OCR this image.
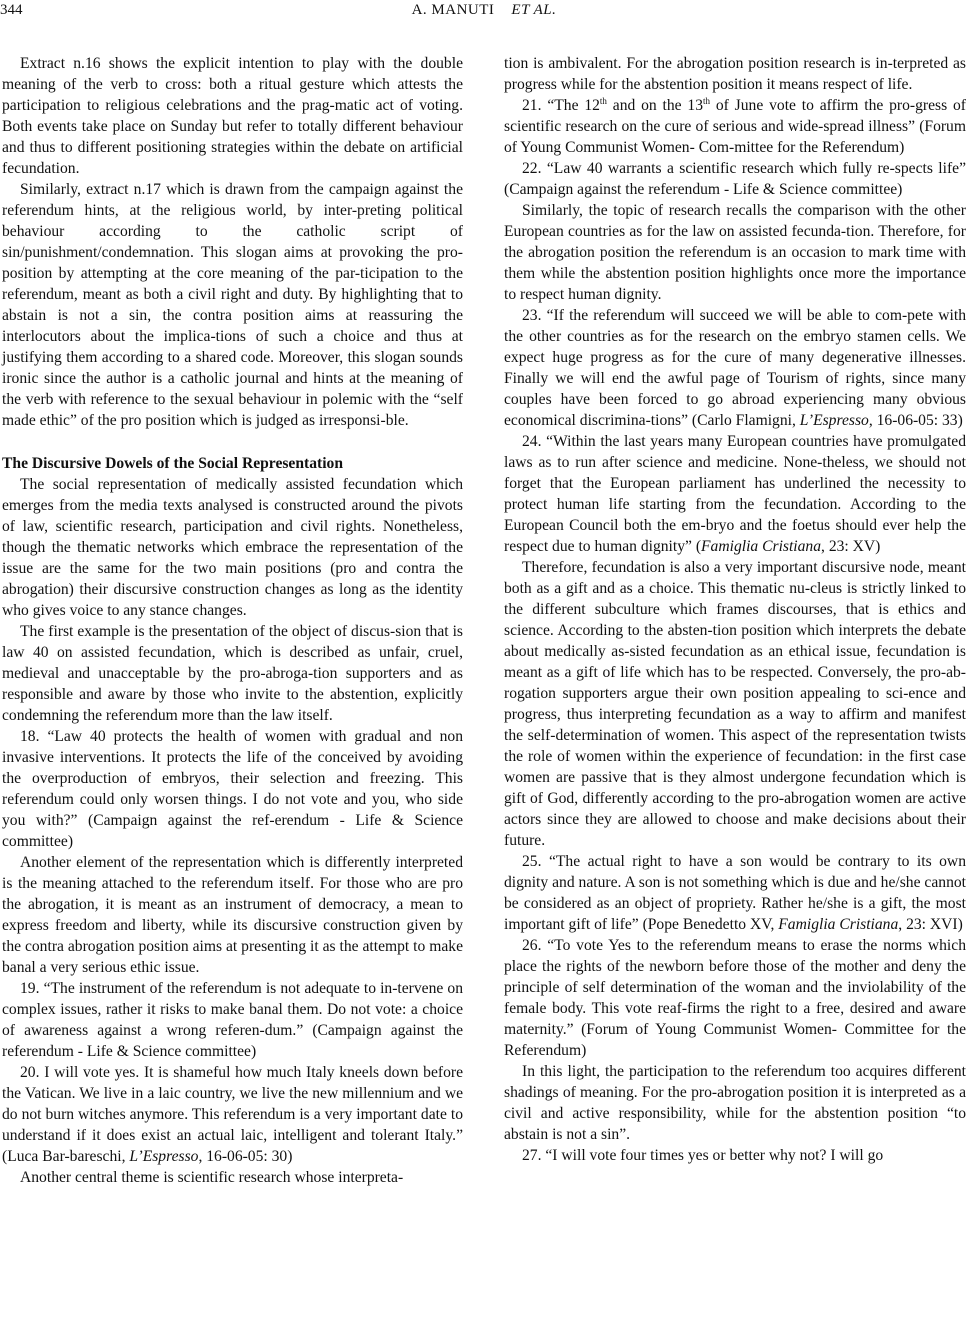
344	A. MANUTI ET AL.

Extract n.16 shows the explicit intention to play with the double meaning of the verb to cross: both a ritual gesture which attests the participation to religious celebrations and the prag-matic act of voting. Both events take place on Sunday but refer to totally different behaviour and thus to different positioning strategies within the debate on artificial fecundation.

Similarly, extract n.17 which is drawn from the campaign against the referendum hints, at the religious world, by inter-preting political behaviour according to the catholic script of sin/punishment/condemnation. This slogan aims at provoking the pro-position by attempting at the core meaning of the par-ticipation to the referendum, meant as both a civil right and duty. By highlighting that to abstain is not a sin, the contra position aims at reassuring the interlocutors about the implica-tions of such a choice and thus at justifying them according to a shared code. Moreover, this slogan sounds ironic since the author is a catholic journal and hints at the meaning of the verb with reference to the sexual behaviour in polemic with the “self made ethic” of the pro position which is judged as irresponsi-ble.

The Discursive Dowels of the Social Representation

The social representation of medically assisted fecundation which emerges from the media texts analysed is constructed around the pivots of law, scientific research, participation and civil rights. Nonetheless, though the thematic networks which embrace the representation of the issue are the same for the two main positions (pro and contra the abrogation) their discursive construction changes as long as the identity who gives voice to any stance changes.

The first example is the presentation of the object of discus-sion that is law 40 on assisted fecundation, which is described as unfair, cruel, medieval and unacceptable by the pro-abroga-tion supporters and as responsible and aware by those who invite to the abstention, explicitly condemning the referendum more than the law itself.

18. “Law 40 protects the health of women with gradual and non invasive interventions. It protects the life of the conceived by avoiding the overproduction of embryos, their selection and freezing. This referendum could only worsen things. I do not vote and you, who side you with?” (Campaign against the ref-erendum - Life & Science committee)

Another element of the representation which is differently interpreted is the meaning attached to the referendum itself. For those who are pro the abrogation, it is meant as an instrument of democracy, a mean to express freedom and liberty, while its discursive construction given by the contra abrogation position aims at presenting it as the attempt to make banal a very serious ethic issue.

19. “The instrument of the referendum is not adequate to in-tervene on complex issues, rather it risks to make banal them. Do not vote: a choice of awareness against a wrong referen-dum.” (Campaign against the referendum - Life & Science committee)

20. I will vote yes. It is shameful how much Italy kneels down before the Vatican. We live in a laic country, we live the new millennium and we do not burn witches anymore. This referendum is a very important date to understand if it does exist an actual laic, intelligent and tolerant Italy.” (Luca Bar-bareschi, L’Espresso, 16-06-05: 30)

Another central theme is scientific research whose interpreta-

tion is ambivalent. For the abrogation position research is in-terpreted as progress while for the abstention position it means respect of life.

21. “The 12th and on the 13th of June vote to affirm the pro-gress of scientific research on the cure of serious and wide-spread illness” (Forum of Young Communist Women- Com-mittee for the Referendum)

22. “Law 40 warrants a scientific research which fully re-spects life” (Campaign against the referendum - Life & Science committee)

Similarly, the topic of research recalls the comparison with the other European countries as for the law on assisted fecunda-tion. Therefore, for the abrogation position the referendum is an occasion to mark time with them while the abstention position highlights once more the importance to respect human dignity.

23. “If the referendum will succeed we will be able to com-pete with the other countries as for the research on the embryo stamen cells. We expect huge progress as for the cure of many degenerative illnesses. Finally we will end the awful page of Tourism of rights, since many couples have been forced to go abroad experiencing many obvious economical discrimina-tions” (Carlo Flamigni, L’Espresso, 16-06-05: 33)

24. “Within the last years many European countries have promulgated laws as to run after science and medicine. None-theless, we should not forget that the European parliament has underlined the necessity to protect human life starting from the fecundation. According to the European Council both the em-bryo and the foetus should ever help the respect due to human dignity” (Famiglia Cristiana, 23: XV)

Therefore, fecundation is also a very important discursive node, meant both as a gift and as a choice. This thematic nu-cleus is strictly linked to the different subculture which frames discourses, that is ethics and science. According to the absten-tion position which interprets the debate about medically as-sisted fecundation as an ethical issue, fecundation is meant as a gift of life which has to be respected. Conversely, the pro-ab-rogation supporters argue their own position appealing to sci-ence and progress, thus interpreting fecundation as a way to affirm and manifest the self-determination of women. This aspect of the representation twists the role of women within the experience of fecundation: in the first case women are passive that is they almost undergone fecundation which is gift of God, differently according to the pro-abrogation women are active actors since they are allowed to choose and make decisions about their future.

25. “The actual right to have a son would be contrary to its own dignity and nature. A son is not something which is due and he/she cannot be considered as an object of propriety. Rather he/she is a gift, the most important gift of life” (Pope Benedetto XV, Famiglia Cristiana, 23: XVI)

26. “To vote Yes to the referendum means to erase the norms which place the rights of the newborn before those of the mother and deny the principle of self determination of the woman and the inviolability of the female body. This vote reaf-firms the right to a free, desired and aware maternity.” (Forum of Young Communist Women- Committee for the Referendum)

In this light, the participation to the referendum too acquires different shadings of meaning. For the pro-abrogation position it is interpreted as a civil and active responsibility, while for the abstention position “to abstain is not a sin”.

27. “I will vote four times yes or better why not? I will go
